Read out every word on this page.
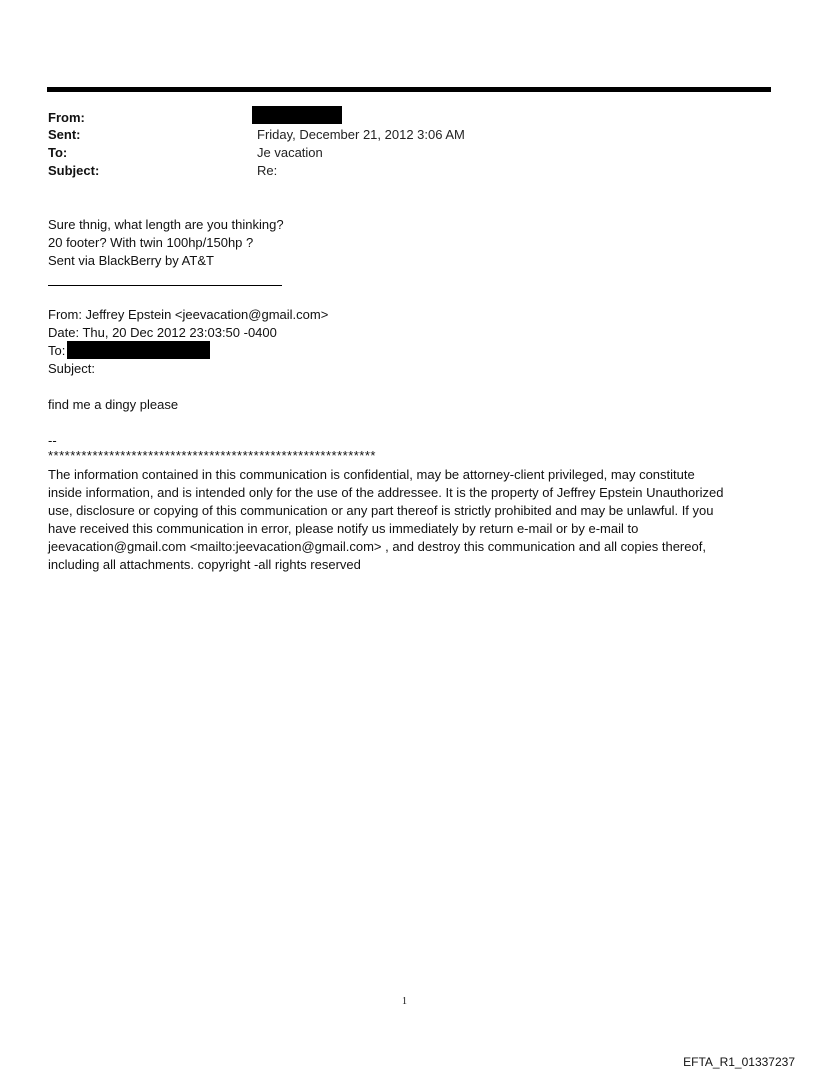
From:
Sent:	Friday, December 21, 2012 3:06 AM
To:	Je vacation
Subject:	Re:
Sure thnig, what length are you thinking?
20 footer? With twin 100hp/150hp ?
Sent via BlackBerry by AT&T
From: Jeffrey Epstein <jeevacation@gmail.com>
Date: Thu, 20 Dec 2012 23:03:50 -0400
To:
Subject:
find me a dingy please
--
***********************************************************
The information contained in this communication is confidential, may be attorney-client privileged, may constitute
inside information, and is intended only for the use of the addressee. It is the property of Jeffrey Epstein Unauthorized
use, disclosure or copying of this communication or any part thereof is strictly prohibited and may be unlawful. If you
have received this communication in error, please notify us immediately by return e-mail or by e-mail to
jeevacation@gmail.com <mailto:jeevacation@gmail.com> , and destroy this communication and all copies thereof,
including all attachments. copyright -all rights reserved
1
EFTA_R1_01337237
